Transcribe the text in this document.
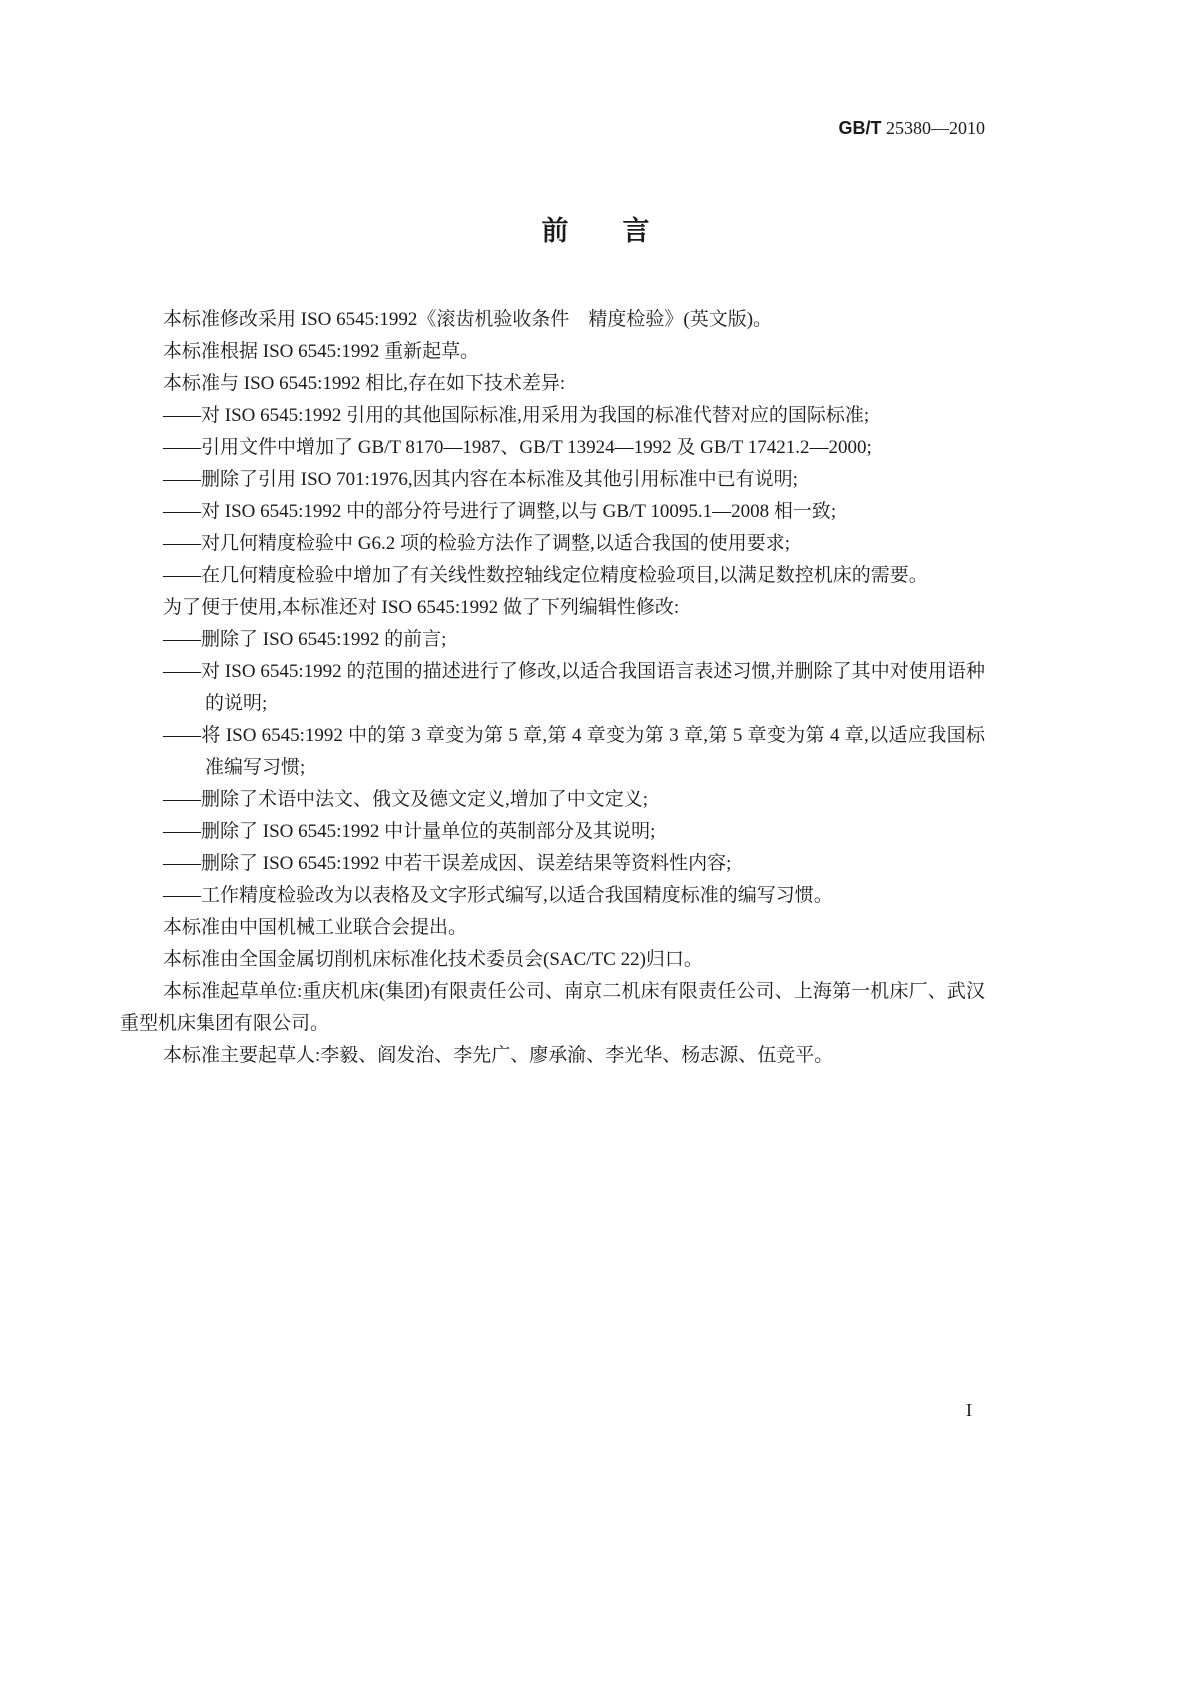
GB/T 25380—2010
前　　言

本标准修改采用 ISO 6545:1992《滚齿机验收条件　精度检验》(英文版)。

本标准根据 ISO 6545:1992 重新起草。

本标准与 ISO 6545:1992 相比,存在如下技术差异:

——对 ISO 6545:1992 引用的其他国际标准,用采用为我国的标准代替对应的国际标准;

——引用文件中增加了 GB/T 8170—1987、GB/T 13924—1992 及 GB/T 17421.2—2000;

——删除了引用 ISO 701:1976,因其内容在本标准及其他引用标准中已有说明;

——对 ISO 6545:1992 中的部分符号进行了调整,以与 GB/T 10095.1—2008 相一致;

——对几何精度检验中 G6.2 项的检验方法作了调整,以适合我国的使用要求;

——在几何精度检验中增加了有关线性数控轴线定位精度检验项目,以满足数控机床的需要。

为了便于使用,本标准还对 ISO 6545:1992 做了下列编辑性修改:

——删除了 ISO 6545:1992 的前言;

——对 ISO 6545:1992 的范围的描述进行了修改,以适合我国语言表述习惯,并删除了其中对使用语种的说明;

——将 ISO 6545:1992 中的第 3 章变为第 5 章,第 4 章变为第 3 章,第 5 章变为第 4 章,以适应我国标准编写习惯;

——删除了术语中法文、俄文及德文定义,增加了中文定义;

——删除了 ISO 6545:1992 中计量单位的英制部分及其说明;

——删除了 ISO 6545:1992 中若干误差成因、误差结果等资料性内容;

——工作精度检验改为以表格及文字形式编写,以适合我国精度标准的编写习惯。

本标准由中国机械工业联合会提出。

本标准由全国金属切削机床标准化技术委员会(SAC/TC 22)归口。

本标准起草单位:重庆机床(集团)有限责任公司、南京二机床有限责任公司、上海第一机床厂、武汉重型机床集团有限公司。

本标准主要起草人:李毅、阎发治、李先广、廖承渝、李光华、杨志源、伍竞平。

I
